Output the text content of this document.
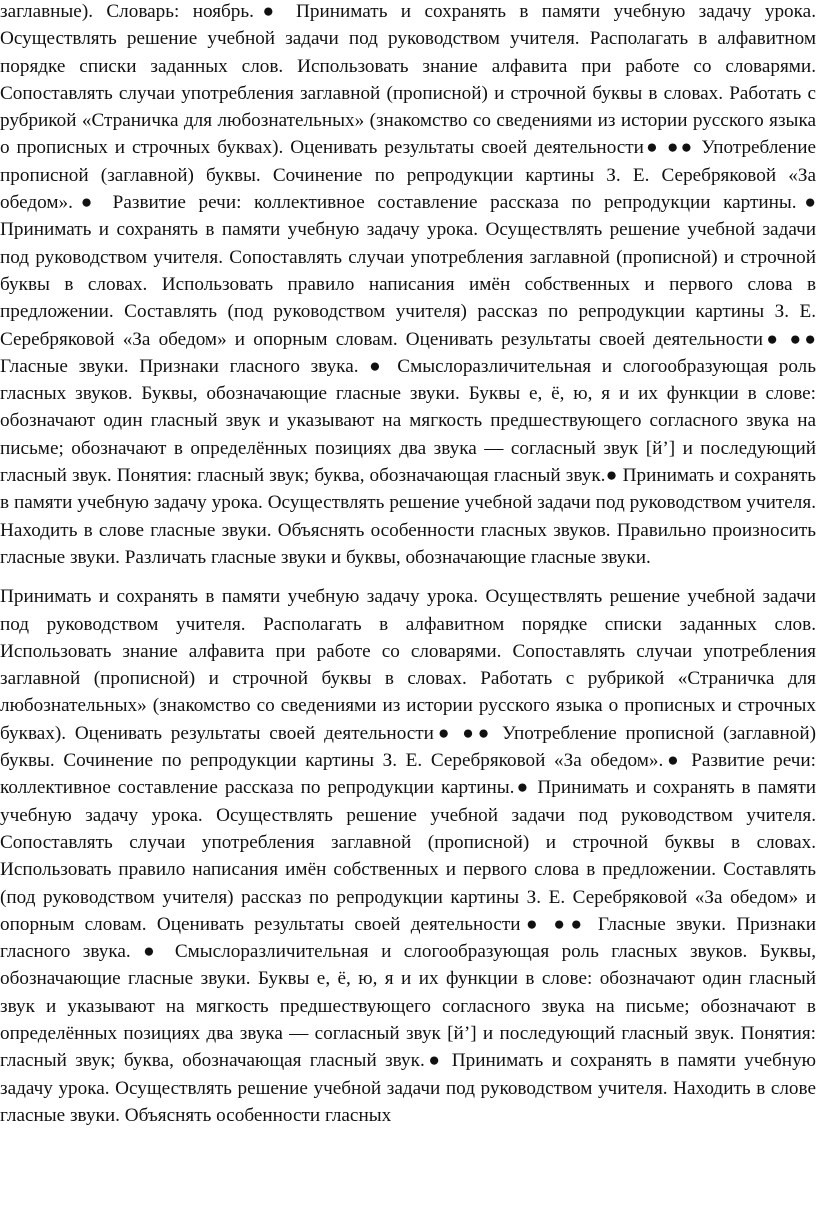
заглавные). Словарь: ноябрь.● Принимать и сохранять в памяти учебную задачу урока. Осуществлять решение учебной задачи под руководством учителя. Располагать в алфавитном порядке списки заданных слов. Использовать знание алфавита при работе со словарями. Сопоставлять случаи употребления заглавной (прописной) и строчной буквы в словах. Работать с рубрикой «Страничка для любознательных» (знакомство со сведениями из истории русского языка о прописных и строчных буквах). Оценивать результаты своей деятельности● ●● Употребление прописной (заглавной) буквы. Сочинение по репродукции картины З. Е. Серебряковой «За обедом».● Развитие речи: коллективное составление рассказа по репродукции картины.● Принимать и сохранять в памяти учебную задачу урока. Осуществлять решение учебной задачи под руководством учителя. Сопоставлять случаи употребления заглавной (прописной) и строчной буквы в словах. Использовать правило написания имён собственных и первого слова в предложении. Составлять (под руководством учителя) рассказ по репродукции картины З. Е. Серебряковой «За обедом» и опорным словам. Оценивать результаты своей деятельности● ●● Гласные звуки. Признаки гласного звука. ● Смыслоразличительная и слогообразующая роль гласных звуков. Буквы, обозначающие гласные звуки. Буквы е, ё, ю, я и их функции в слове: обозначают один гласный звук и указывают на мягкость предшествующего согласного звука на письме; обозначают в определённых позициях два звука — согласный звук [й’] и последующий гласный звук. Понятия: гласный звук; буква, обозначающая гласный звук.● Принимать и сохранять в памяти учебную задачу урока. Осуществлять решение учебной задачи под руководством учителя. Находить в слове гласные звуки. Объяснять особенности гласных звуков. Правильно произносить гласные звуки. Различать гласные звуки и буквы, обозначающие гласные звуки.

Принимать и сохранять в памяти учебную задачу урока. Осуществлять решение учебной задачи под руководством учителя. Располагать в алфавитном порядке списки заданных слов. Использовать знание алфавита при работе со словарями. Сопоставлять случаи употребления заглавной (прописной) и строчной буквы в словах. Работать с рубрикой «Страничка для любознательных» (знакомство со сведениями из истории русского языка о прописных и строчных буквах). Оценивать результаты своей деятельности● ●● Употребление прописной (заглавной) буквы. Сочинение по репродукции картины З. Е. Серебряковой «За обедом».● Развитие речи: коллективное составление рассказа по репродукции картины.● Принимать и сохранять в памяти учебную задачу урока. Осуществлять решение учебной задачи под руководством учителя. Сопоставлять случаи употребления заглавной (прописной) и строчной буквы в словах. Использовать правило написания имён собственных и первого слова в предложении. Составлять (под руководством учителя) рассказ по репродукции картины З. Е. Серебряковой «За обедом» и опорным словам. Оценивать результаты своей деятельности● ●● Гласные звуки. Признаки гласного звука. ● Смыслоразличительная и слогообразующая роль гласных звуков. Буквы, обозначающие гласные звуки. Буквы е, ё, ю, я и их функции в слове: обозначают один гласный звук и указывают на мягкость предшествующего согласного звука на письме; обозначают в определённых позициях два звука — согласный звук [й’] и последующий гласный звук. Понятия: гласный звук; буква, обозначающая гласный звук.● Принимать и сохранять в памяти учебную задачу урока. Осуществлять решение учебной задачи под руководством учителя. Находить в слове гласные звуки. Объяснять особенности гласных
